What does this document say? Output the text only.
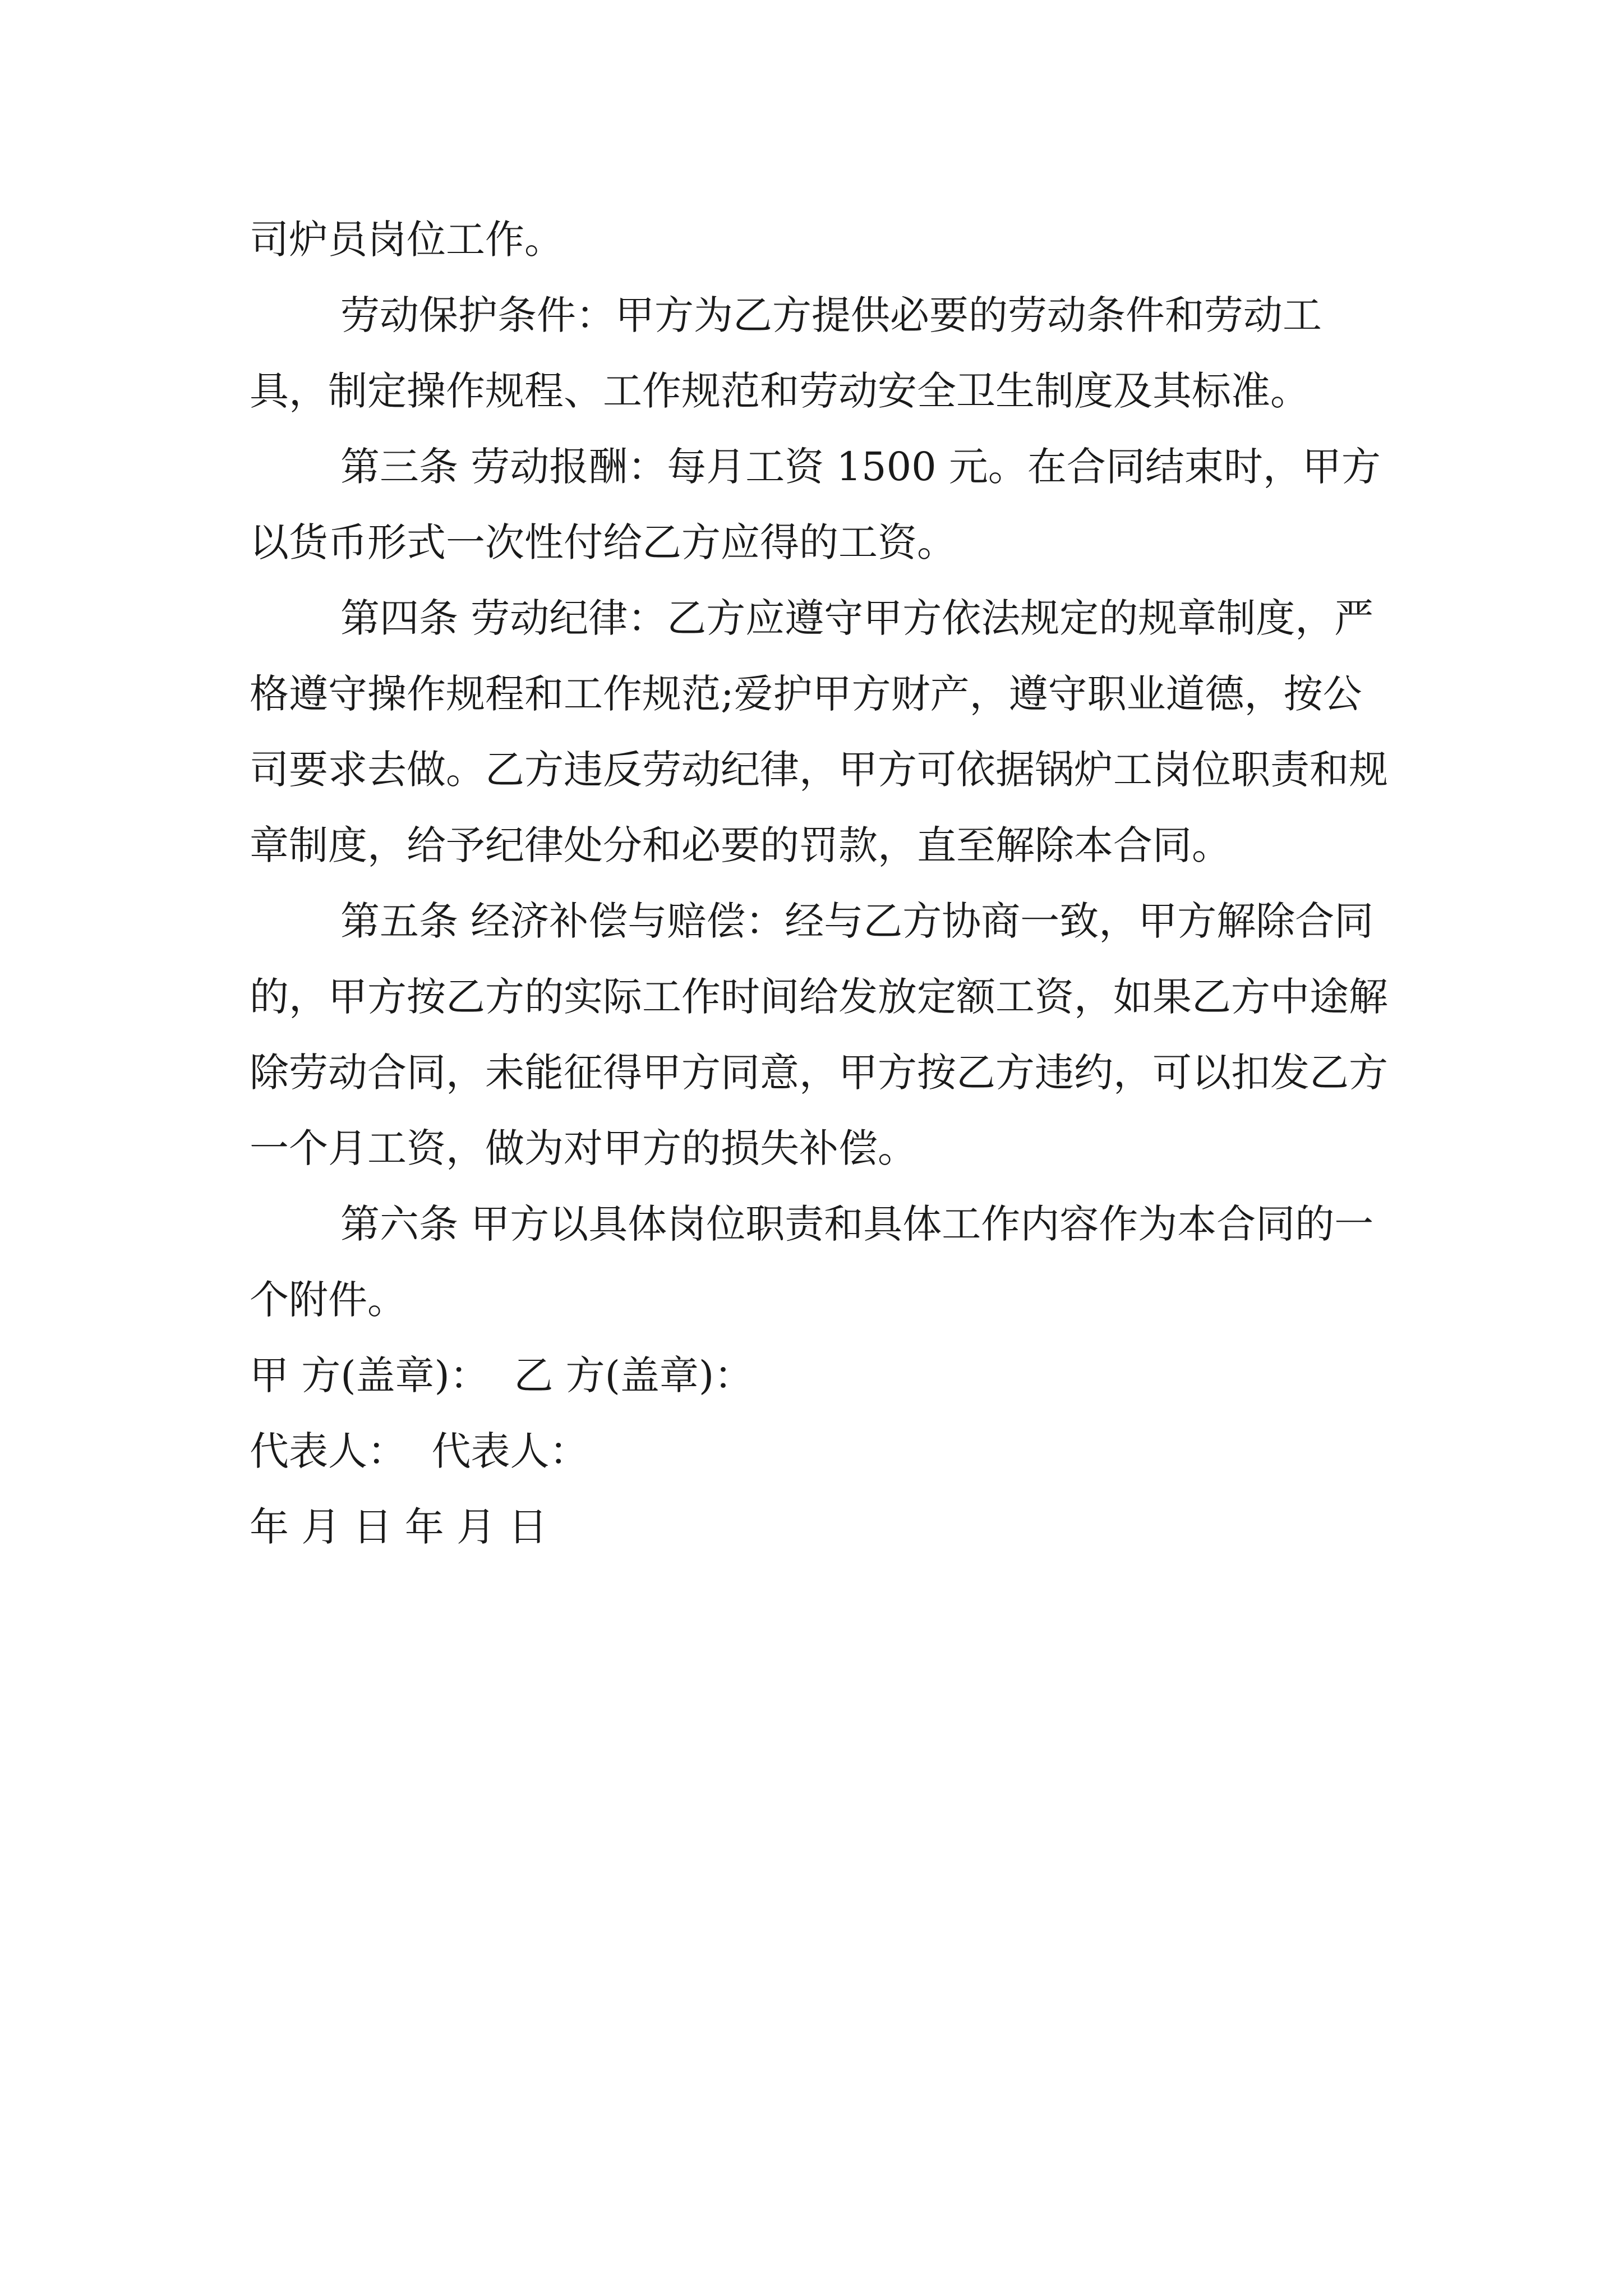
司炉员岗位工作。

劳动保护条件：甲方为乙方提供必要的劳动条件和劳动工具，制定操作规程、工作规范和劳动安全卫生制度及其标准。

第三条 劳动报酬：每月工资 1500 元。在合同结束时，甲方以货币形式一次性付给乙方应得的工资。

第四条 劳动纪律：乙方应遵守甲方依法规定的规章制度，严格遵守操作规程和工作规范;爱护甲方财产，遵守职业道德，按公司要求去做。乙方违反劳动纪律，甲方可依据锅炉工岗位职责和规章制度，给予纪律处分和必要的罚款，直至解除本合同。

第五条 经济补偿与赔偿：经与乙方协商一致，甲方解除合同的，甲方按乙方的实际工作时间给发放定额工资，如果乙方中途解除劳动合同，未能征得甲方同意，甲方按乙方违约，可以扣发乙方一个月工资，做为对甲方的损失补偿。

第六条 甲方以具体岗位职责和具体工作内容作为本合同的一个附件。

甲 方(盖章)：  乙 方(盖章)：

代表人：  代表人：

年 月 日 年 月 日
